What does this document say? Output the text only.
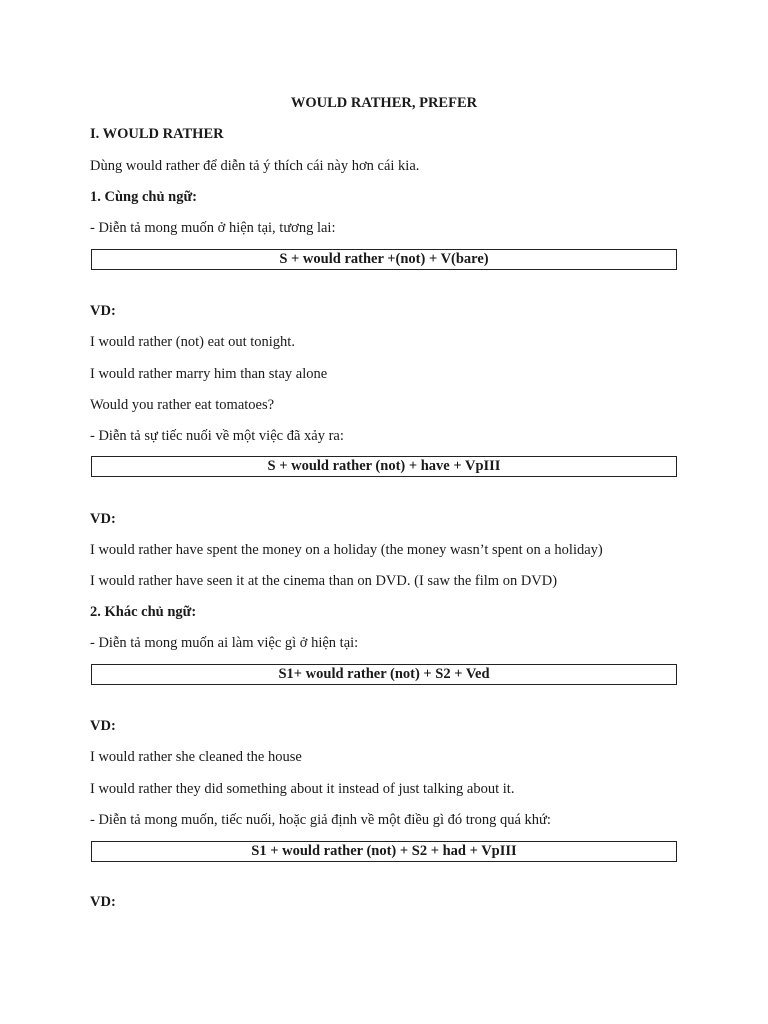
WOULD RATHER, PREFER
I. WOULD RATHER
Dùng would rather để diễn tả ý thích cái này hơn cái kia.
1. Cùng chủ ngữ:
- Diễn tả mong muốn ở hiện tại, tương lai:
S + would rather +(not) + V(bare)
VD:
I would rather (not) eat out tonight.
I would rather marry him than stay alone
Would you rather eat tomatoes?
- Diễn tả sự tiếc nuối về một việc đã xảy ra:
S + would rather (not) + have + VpIII
VD:
I would rather have spent the money on a holiday (the money wasn’t spent on a holiday)
I would rather have seen it at the cinema than on DVD. (I saw the film on DVD)
2. Khác chủ ngữ:
- Diễn tả mong muốn ai làm việc gì ở hiện tại:
S1+ would rather (not) + S2 + Ved
VD:
I would rather she cleaned the house
I would rather they did something about it instead of just talking about it.
- Diễn tả mong muốn, tiếc nuối, hoặc giả định về một điều gì đó trong quá khứ:
S1 + would rather (not) + S2 + had + VpIII
VD:
